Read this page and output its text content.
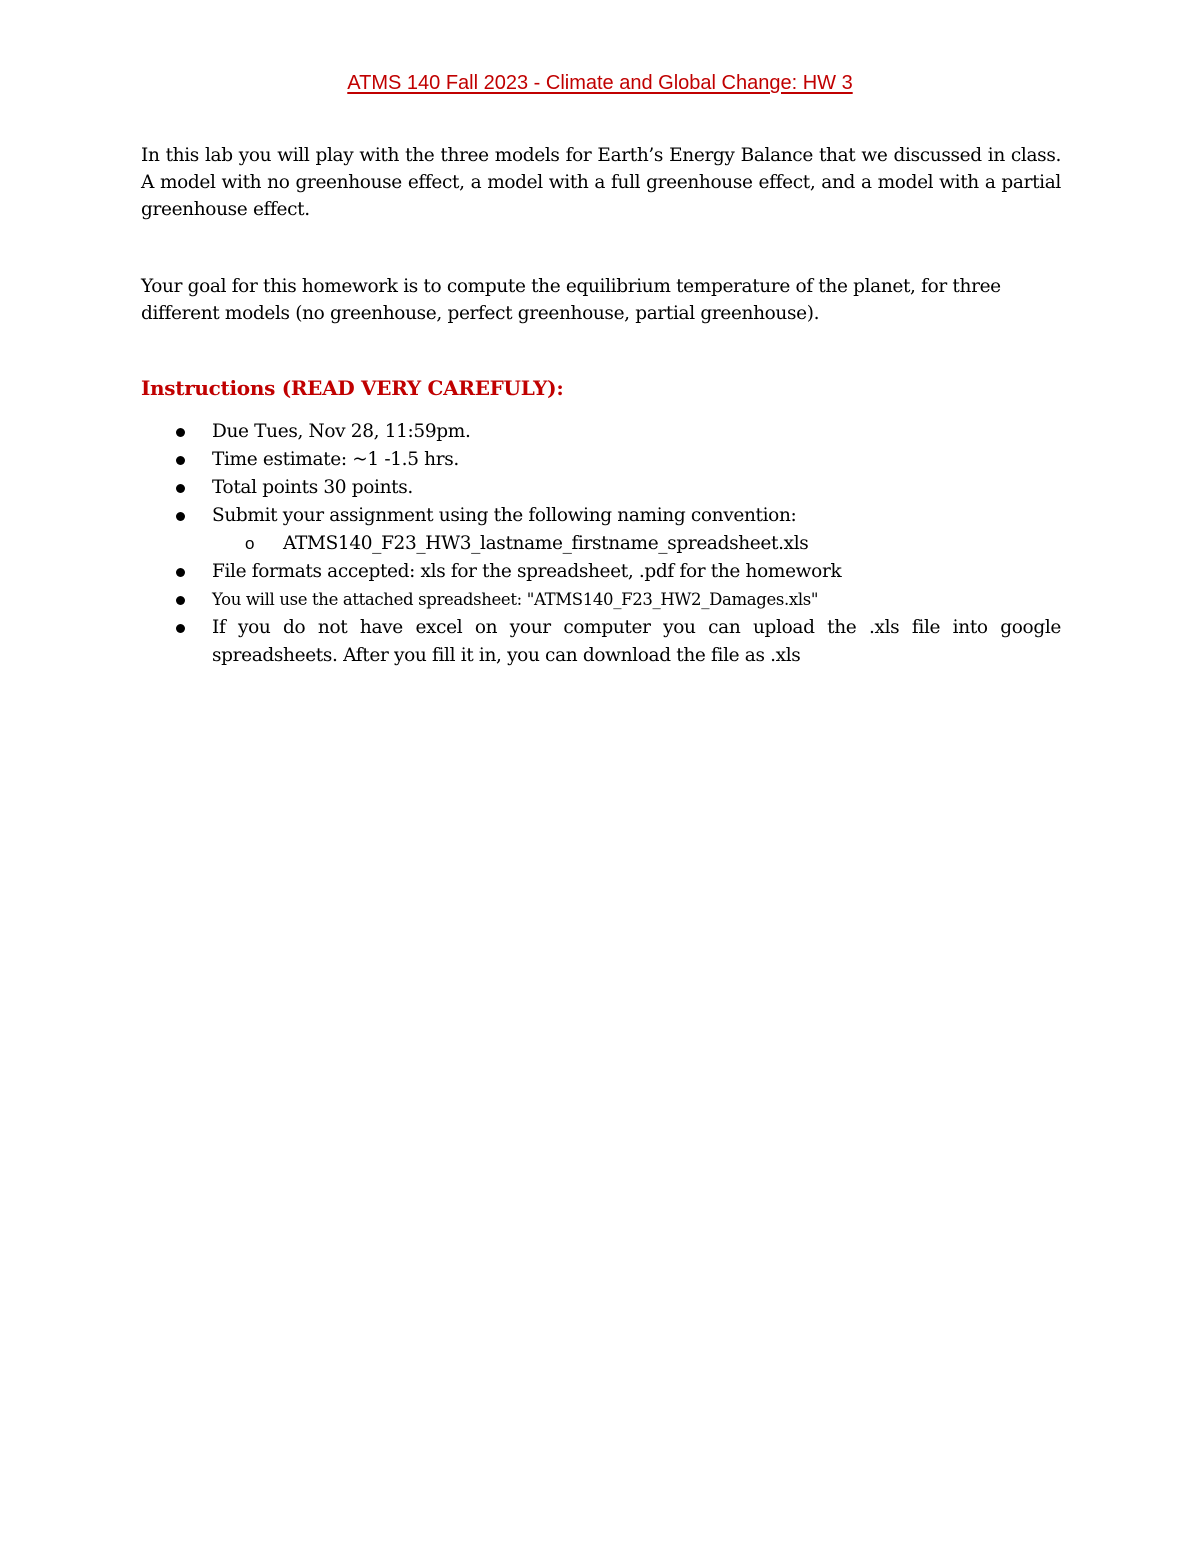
ATMS 140 Fall 2023 - Climate and Global Change: HW 3

In this lab you will play with the three models for Earth’s Energy Balance that we discussed in class. A model with no greenhouse effect, a model with a full greenhouse effect, and a model with a partial greenhouse effect.

Your goal for this homework is to compute the equilibrium temperature of the planet, for three different models (no greenhouse, perfect greenhouse, partial greenhouse).

Instructions (READ VERY CAREFULY):
Due Tues, Nov 28, 11:59pm.
Time estimate: ~1 -1.5 hrs.
Total points 30 points.
Submit your assignment using the following naming convention:
o ATMS140_F23_HW3_lastname_firstname_spreadsheet.xls
File formats accepted: xls for the spreadsheet, .pdf for the homework
You will use the attached spreadsheet: "ATMS140_F23_HW2_Damages.xls"
If you do not have excel on your computer you can upload the .xls file into google spreadsheets. After you fill it in, you can download the file as .xls
